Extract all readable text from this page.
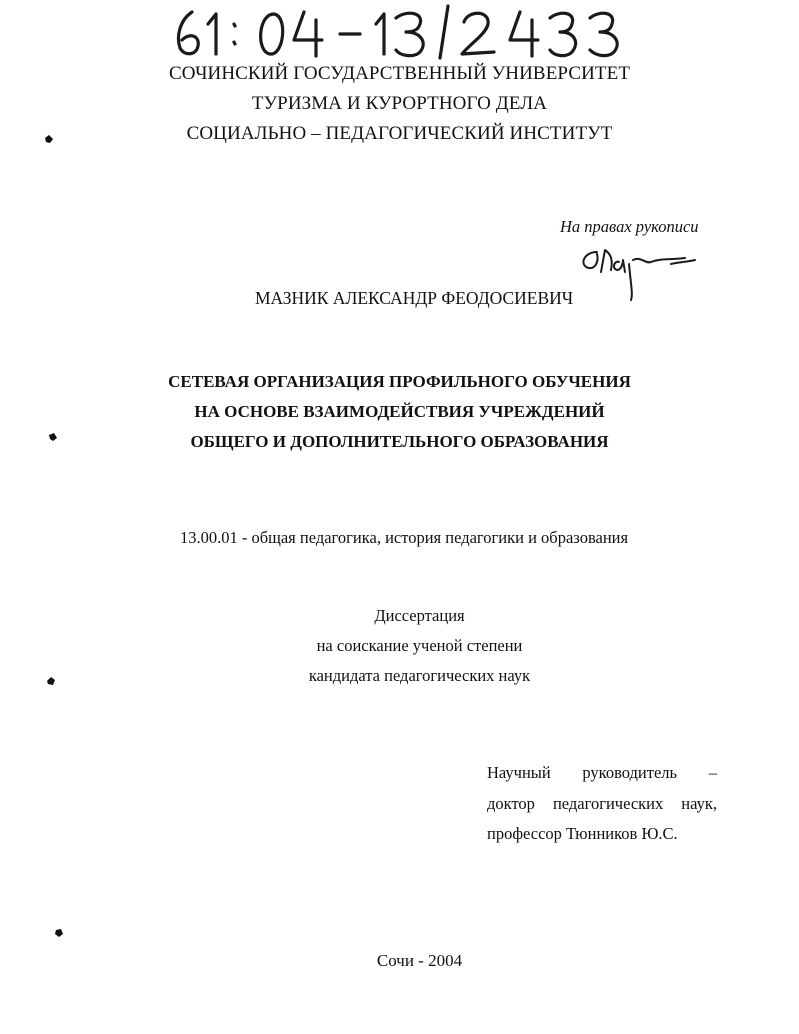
СОЧИНСКИЙ ГОСУДАРСТВЕННЫЙ УНИВЕРСИТЕТ
ТУРИЗМА И КУРОРТНОГО ДЕЛА
СОЦИАЛЬНО – ПЕДАГОГИЧЕСКИЙ ИНСТИТУТ
На правах рукописи
МАЗНИК АЛЕКСАНДР ФЕОДОСИЕВИЧ
СЕТЕВАЯ ОРГАНИЗАЦИЯ ПРОФИЛЬНОГО ОБУЧЕНИЯ
НА ОСНОВЕ ВЗАИМОДЕЙСТВИЯ УЧРЕЖДЕНИЙ
ОБЩЕГО И ДОПОЛНИТЕЛЬНОГО ОБРАЗОВАНИЯ
13.00.01 - общая педагогика, история педагогики и образования
Диссертация
на соискание ученой степени
кандидата педагогических наук
Научный руководитель –
доктор педагогических наук,
профессор Тюнников Ю.С.
Сочи - 2004
